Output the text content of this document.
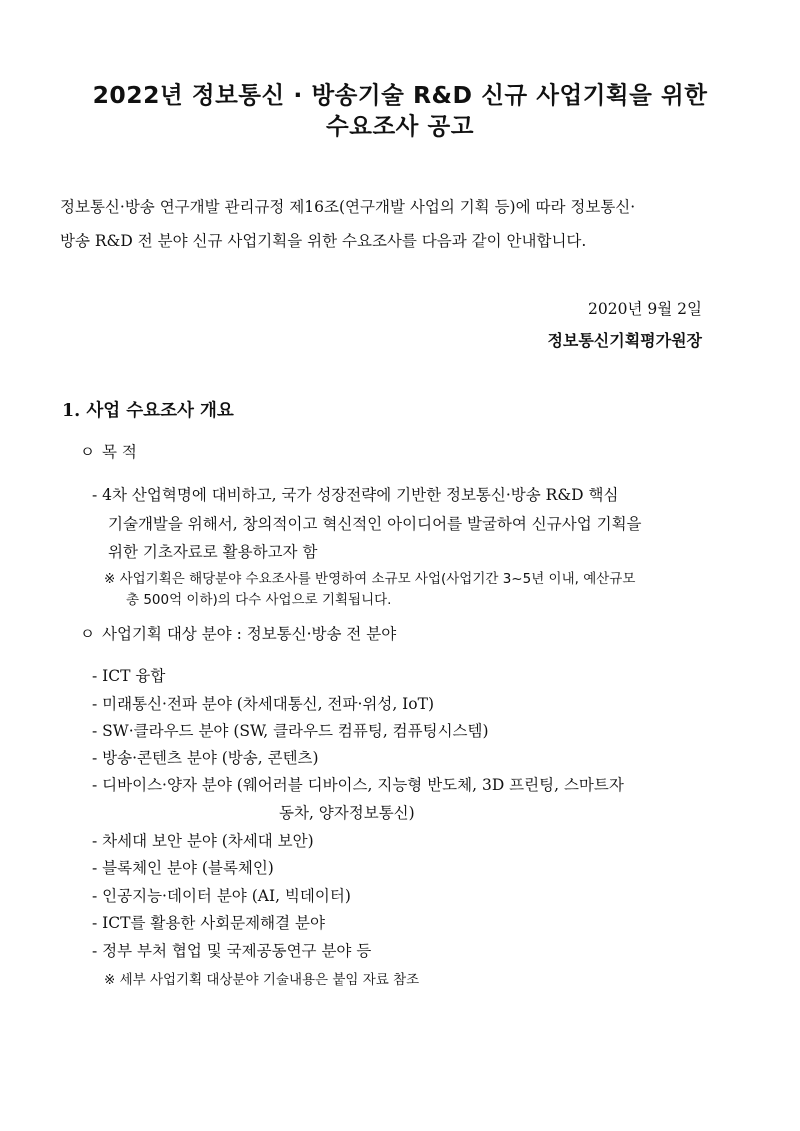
2022년 정보통신 · 방송기술 R&D 신규 사업기획을 위한
수요조사 공고
정보통신·방송 연구개발 관리규정 제16조(연구개발 사업의 기획 등)에 따라 정보통신·
방송 R&D 전 분야 신규 사업기획을 위한 수요조사를 다음과 같이 안내합니다.
2020년 9월 2일
정보통신기획평가원장
1. 사업 수요조사 개요
ㅇ 목 적
- 4차 산업혁명에 대비하고, 국가 성장전략에 기반한 정보통신·방송 R&D 핵심
기술개발을 위해서, 창의적이고 혁신적인 아이디어를 발굴하여 신규사업 기획을
위한 기초자료로 활용하고자 함
※ 사업기획은 해당분야 수요조사를 반영하여 소규모 사업(사업기간 3~5년 이내, 예산규모
총 500억 이하)의 다수 사업으로 기획됩니다.
ㅇ 사업기획 대상 분야 : 정보통신·방송 전 분야
- ICT 융합
- 미래통신·전파 분야 (차세대통신, 전파·위성, IoT)
- SW·클라우드 분야 (SW, 클라우드 컴퓨팅, 컴퓨팅시스템)
- 방송·콘텐츠 분야 (방송, 콘텐츠)
- 디바이스·양자 분야 (웨어러블 디바이스, 지능형 반도체, 3D 프린팅, 스마트자
동차, 양자정보통신)
- 차세대 보안 분야 (차세대 보안)
- 블록체인 분야 (블록체인)
- 인공지능·데이터 분야 (AI, 빅데이터)
- ICT를 활용한 사회문제해결 분야
- 정부 부처 협업 및 국제공동연구 분야 등
※ 세부 사업기획 대상분야 기술내용은 붙임 자료 참조
